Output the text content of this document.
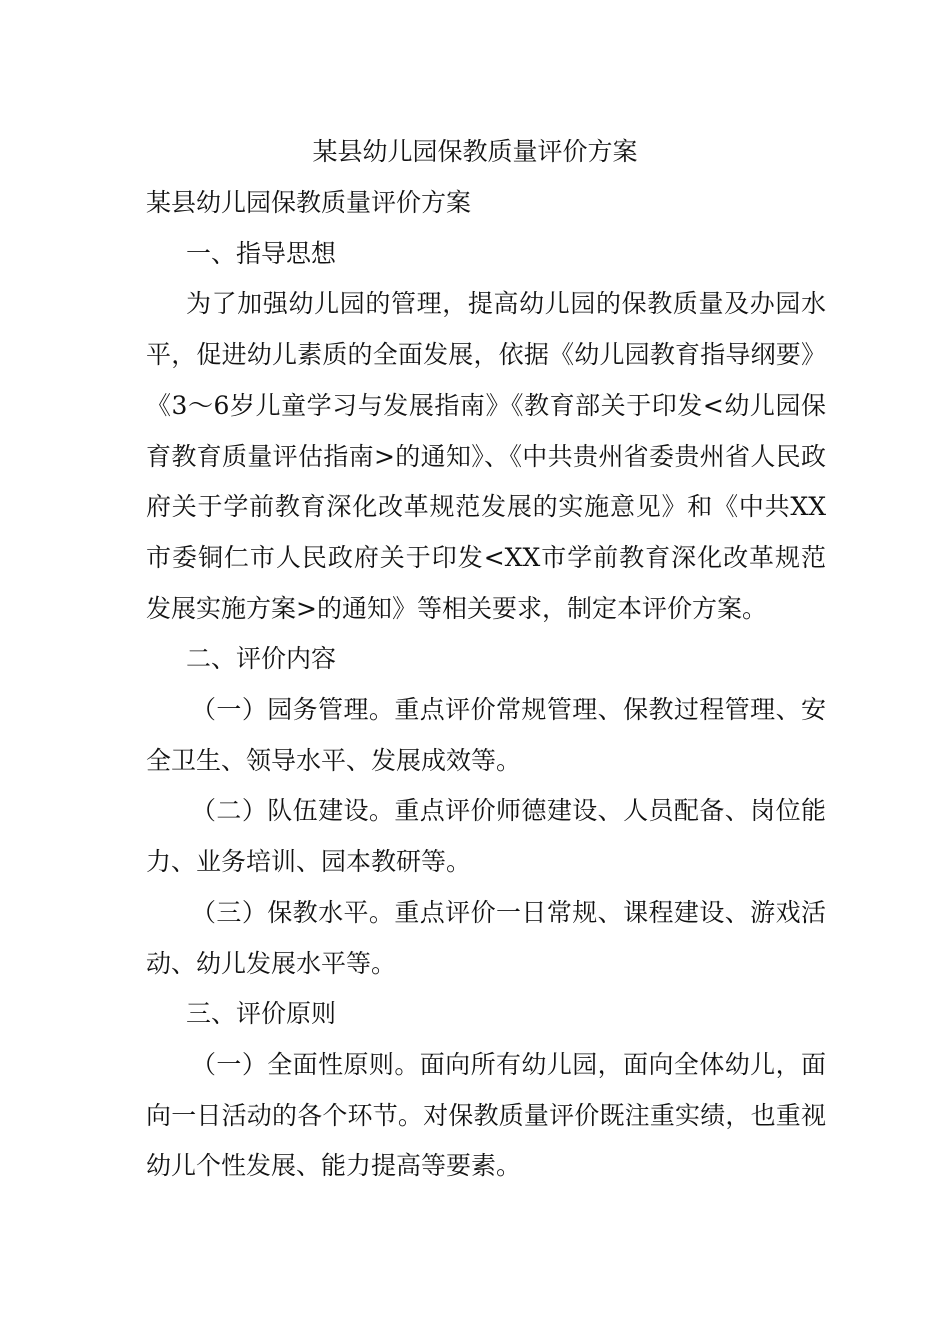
某县幼儿园保教质量评价方案

某县幼儿园保教质量评价方案

一、指导思想

为了加强幼儿园的管理，提高幼儿园的保教质量及办园水平，促进幼儿素质的全面发展，依据《幼儿园教育指导纲要》《3～6岁儿童学习与发展指南》《教育部关于印发<幼儿园保育教育质量评估指南>的通知》、《中共贵州省委贵州省人民政府关于学前教育深化改革规范发展的实施意见》和《中共XX市委铜仁市人民政府关于印发<XX市学前教育深化改革规范发展实施方案>的通知》等相关要求，制定本评价方案。

二、评价内容

（一）园务管理。重点评价常规管理、保教过程管理、安全卫生、领导水平、发展成效等。

（二）队伍建设。重点评价师德建设、人员配备、岗位能力、业务培训、园本教研等。

（三）保教水平。重点评价一日常规、课程建设、游戏活动、幼儿发展水平等。

三、评价原则

（一）全面性原则。面向所有幼儿园，面向全体幼儿，面向一日活动的各个环节。对保教质量评价既注重实绩，也重视幼儿个性发展、能力提高等要素。
